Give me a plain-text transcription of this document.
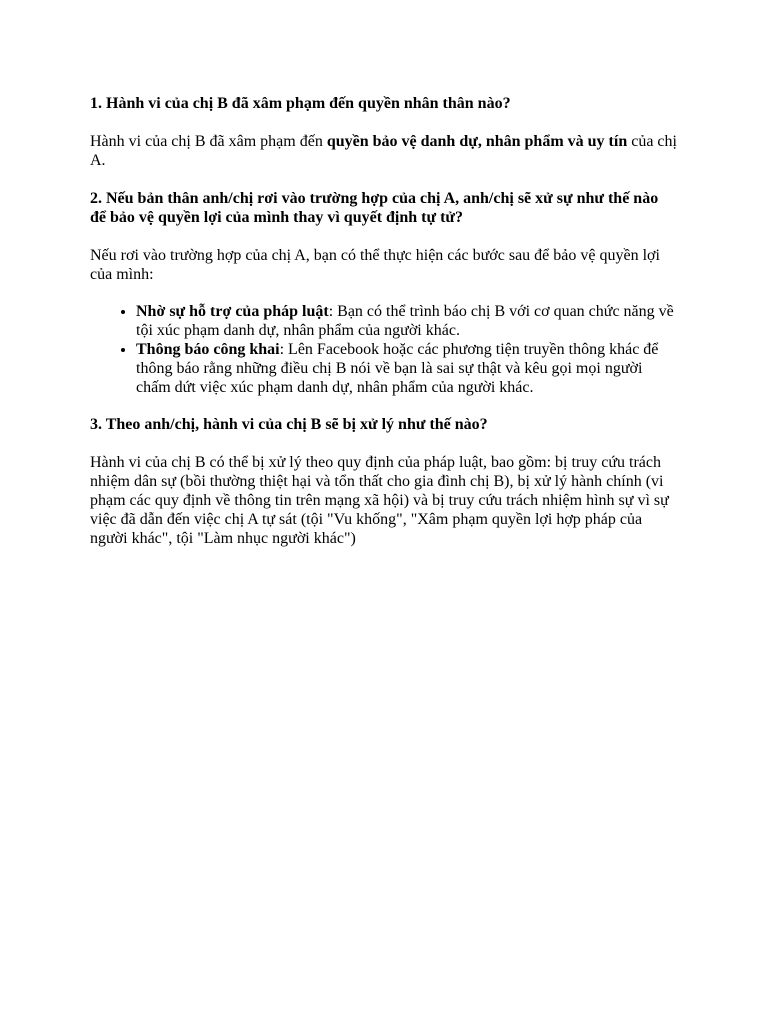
1. Hành vi của chị B đã xâm phạm đến quyền nhân thân nào?

Hành vi của chị B đã xâm phạm đến quyền bảo vệ danh dự, nhân phẩm và uy tín của chị A.

2. Nếu bản thân anh/chị rơi vào trường hợp của chị A, anh/chị sẽ xử sự như thế nào để bảo vệ quyền lợi của mình thay vì quyết định tự tử?

Nếu rơi vào trường hợp của chị A, bạn có thể thực hiện các bước sau để bảo vệ quyền lợi của mình:

• Nhờ sự hỗ trợ của pháp luật: Bạn có thể trình báo chị B với cơ quan chức năng về tội xúc phạm danh dự, nhân phẩm của người khác.
• Thông báo công khai: Lên Facebook hoặc các phương tiện truyền thông khác để thông báo rằng những điều chị B nói về bạn là sai sự thật và kêu gọi mọi người chấm dứt việc xúc phạm danh dự, nhân phẩm của người khác.

3. Theo anh/chị, hành vi của chị B sẽ bị xử lý như thế nào?

Hành vi của chị B có thể bị xử lý theo quy định của pháp luật, bao gồm: bị truy cứu trách nhiệm dân sự (bồi thường thiệt hại và tổn thất cho gia đình chị B), bị xử lý hành chính (vi phạm các quy định về thông tin trên mạng xã hội) và bị truy cứu trách nhiệm hình sự vì sự việc đã dẫn đến việc chị A tự sát (tội "Vu khống", "Xâm phạm quyền lợi hợp pháp của người khác", tội "Làm nhục người khác")
